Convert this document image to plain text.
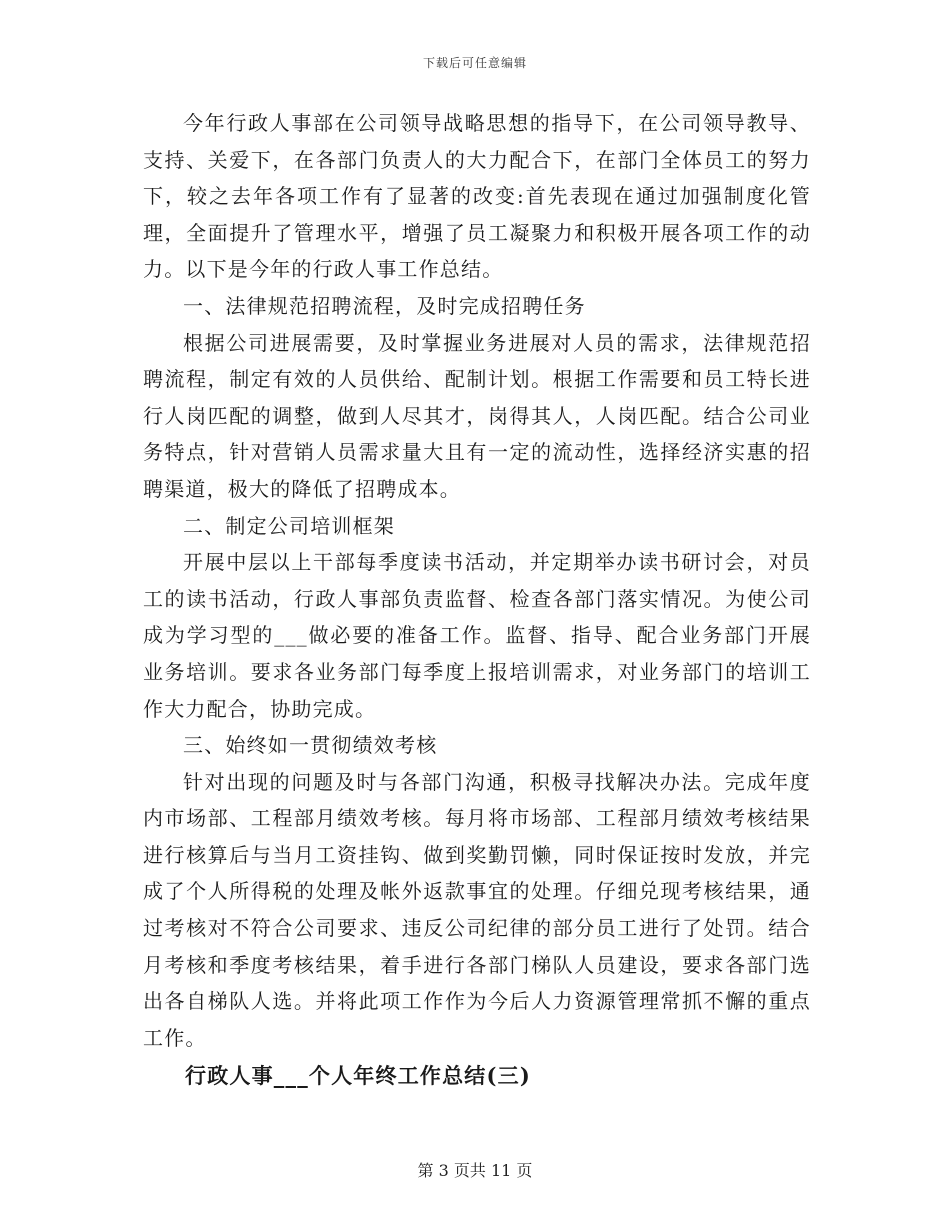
下载后可任意编辑

今年行政人事部在公司领导战略思想的指导下，在公司领导教导、支持、关爱下，在各部门负责人的大力配合下，在部门全体员工的努力下，较之去年各项工作有了显著的改变:首先表现在通过加强制度化管理，全面提升了管理水平，增强了员工凝聚力和积极开展各项工作的动力。以下是今年的行政人事工作总结。

一、法律规范招聘流程，及时完成招聘任务

根据公司进展需要，及时掌握业务进展对人员的需求，法律规范招聘流程，制定有效的人员供给、配制计划。根据工作需要和员工特长进行人岗匹配的调整，做到人尽其才，岗得其人，人岗匹配。结合公司业务特点，针对营销人员需求量大且有一定的流动性，选择经济实惠的招聘渠道，极大的降低了招聘成本。

二、制定公司培训框架

开展中层以上干部每季度读书活动，并定期举办读书研讨会，对员工的读书活动，行政人事部负责监督、检查各部门落实情况。为使公司成为学习型的___做必要的准备工作。监督、指导、配合业务部门开展业务培训。要求各业务部门每季度上报培训需求，对业务部门的培训工作大力配合，协助完成。

三、始终如一贯彻绩效考核

针对出现的问题及时与各部门沟通，积极寻找解决办法。完成年度内市场部、工程部月绩效考核。每月将市场部、工程部月绩效考核结果进行核算后与当月工资挂钩、做到奖勤罚懒，同时保证按时发放，并完成了个人所得税的处理及帐外返款事宜的处理。仔细兑现考核结果，通过考核对不符合公司要求、违反公司纪律的部分员工进行了处罚。结合月考核和季度考核结果，着手进行各部门梯队人员建设，要求各部门选出各自梯队人选。并将此项工作作为今后人力资源管理常抓不懈的重点工作。

行政人事___个人年终工作总结(三)

第 3 页共 11 页
